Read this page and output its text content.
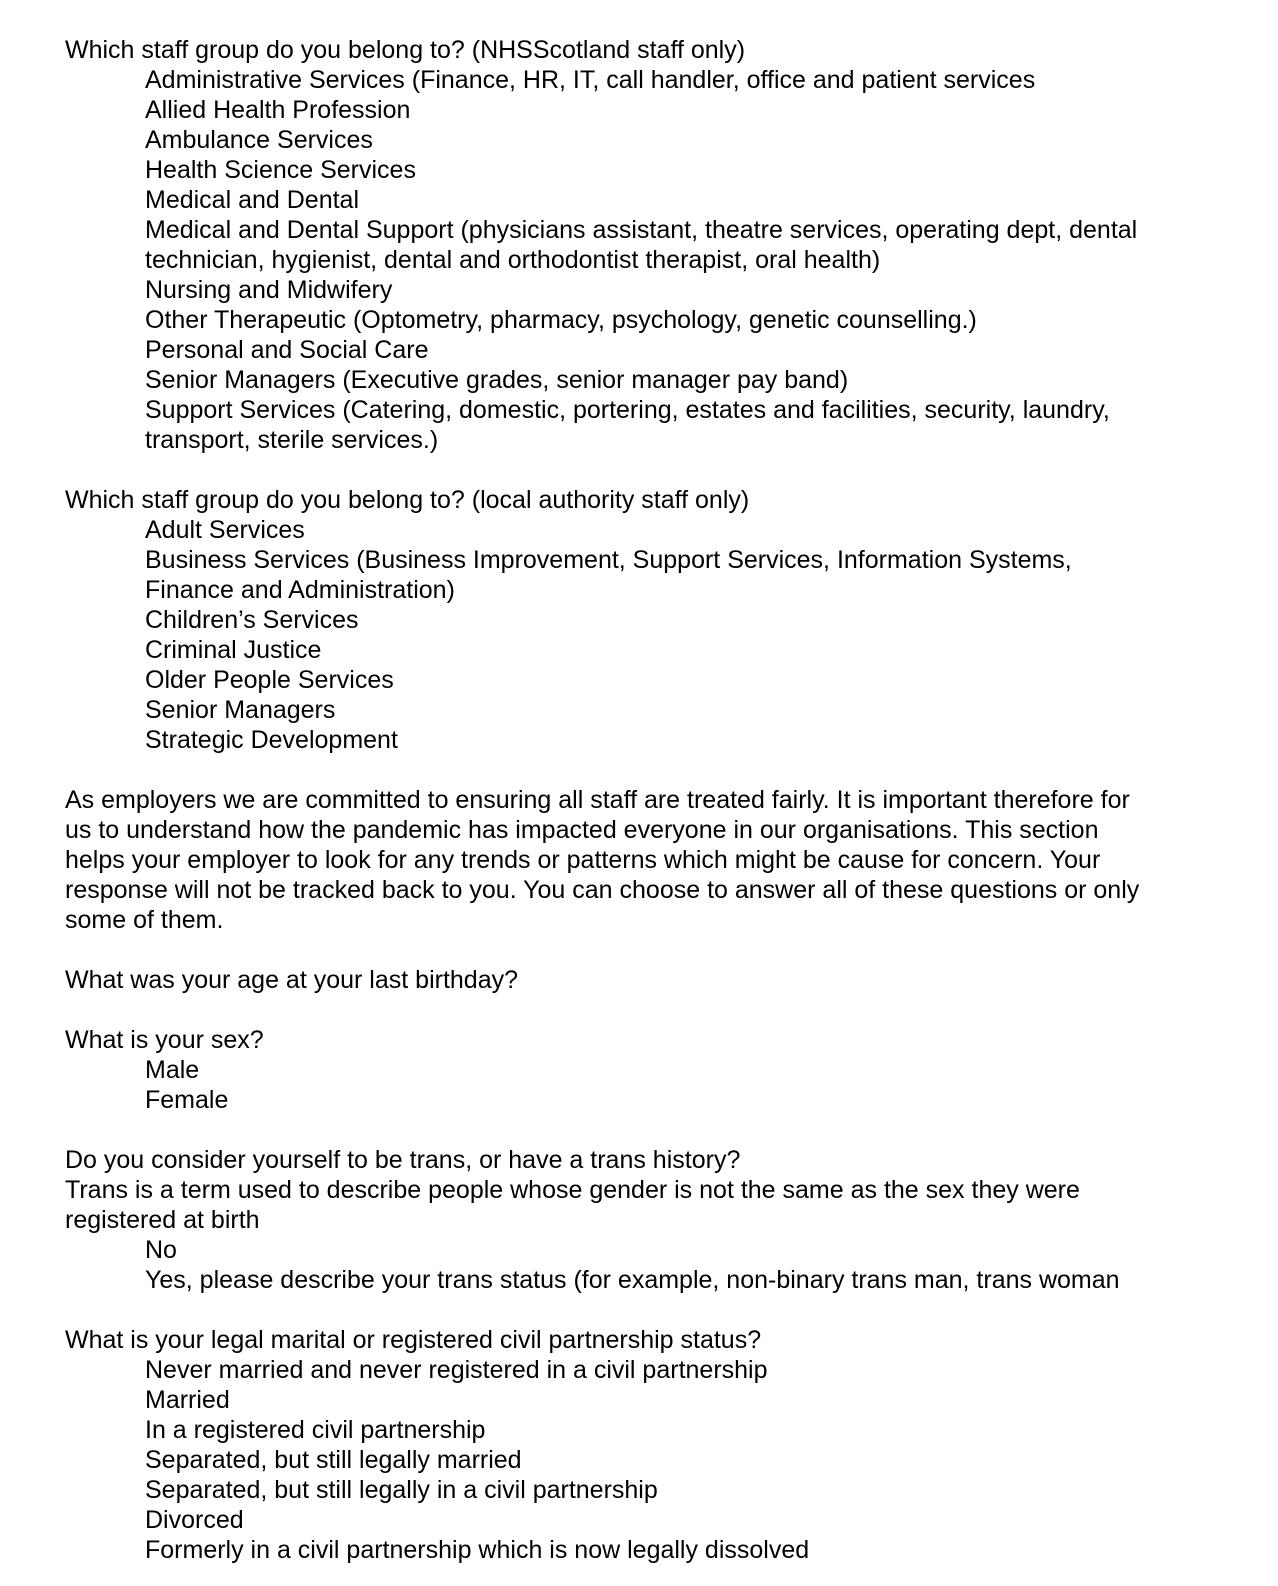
Which staff group do you belong to? (NHSScotland staff only)
Administrative Services (Finance, HR, IT, call handler, office and patient services
Allied Health Profession
Ambulance Services
Health Science Services
Medical and Dental
Medical and Dental Support (physicians assistant, theatre services, operating dept, dental
technician, hygienist, dental and orthodontist therapist, oral health)
Nursing and Midwifery
Other Therapeutic (Optometry, pharmacy, psychology, genetic counselling.)
Personal and Social Care
Senior Managers (Executive grades, senior manager pay band)
Support Services (Catering, domestic, portering, estates and facilities, security, laundry,
transport, sterile services.)
Which staff group do you belong to? (local authority staff only)
Adult Services
Business Services (Business Improvement, Support Services, Information Systems,
Finance and Administration)
Children’s Services
Criminal Justice
Older People Services
Senior Managers
Strategic Development
As employers we are committed to ensuring all staff are treated fairly. It is important therefore for
us to understand how the pandemic has impacted everyone in our organisations. This section
helps your employer to look for any trends or patterns which might be cause for concern. Your
response will not be tracked back to you. You can choose to answer all of these questions or only
some of them.
What was your age at your last birthday?
What is your sex?
Male
Female
Do you consider yourself to be trans, or have a trans history?
Trans is a term used to describe people whose gender is not the same as the sex they were
registered at birth
No
Yes, please describe your trans status (for example, non-binary trans man, trans woman
What is your legal marital or registered civil partnership status?
Never married and never registered in a civil partnership
Married
In a registered civil partnership
Separated, but still legally married
Separated, but still legally in a civil partnership
Divorced
Formerly in a civil partnership which is now legally dissolved
